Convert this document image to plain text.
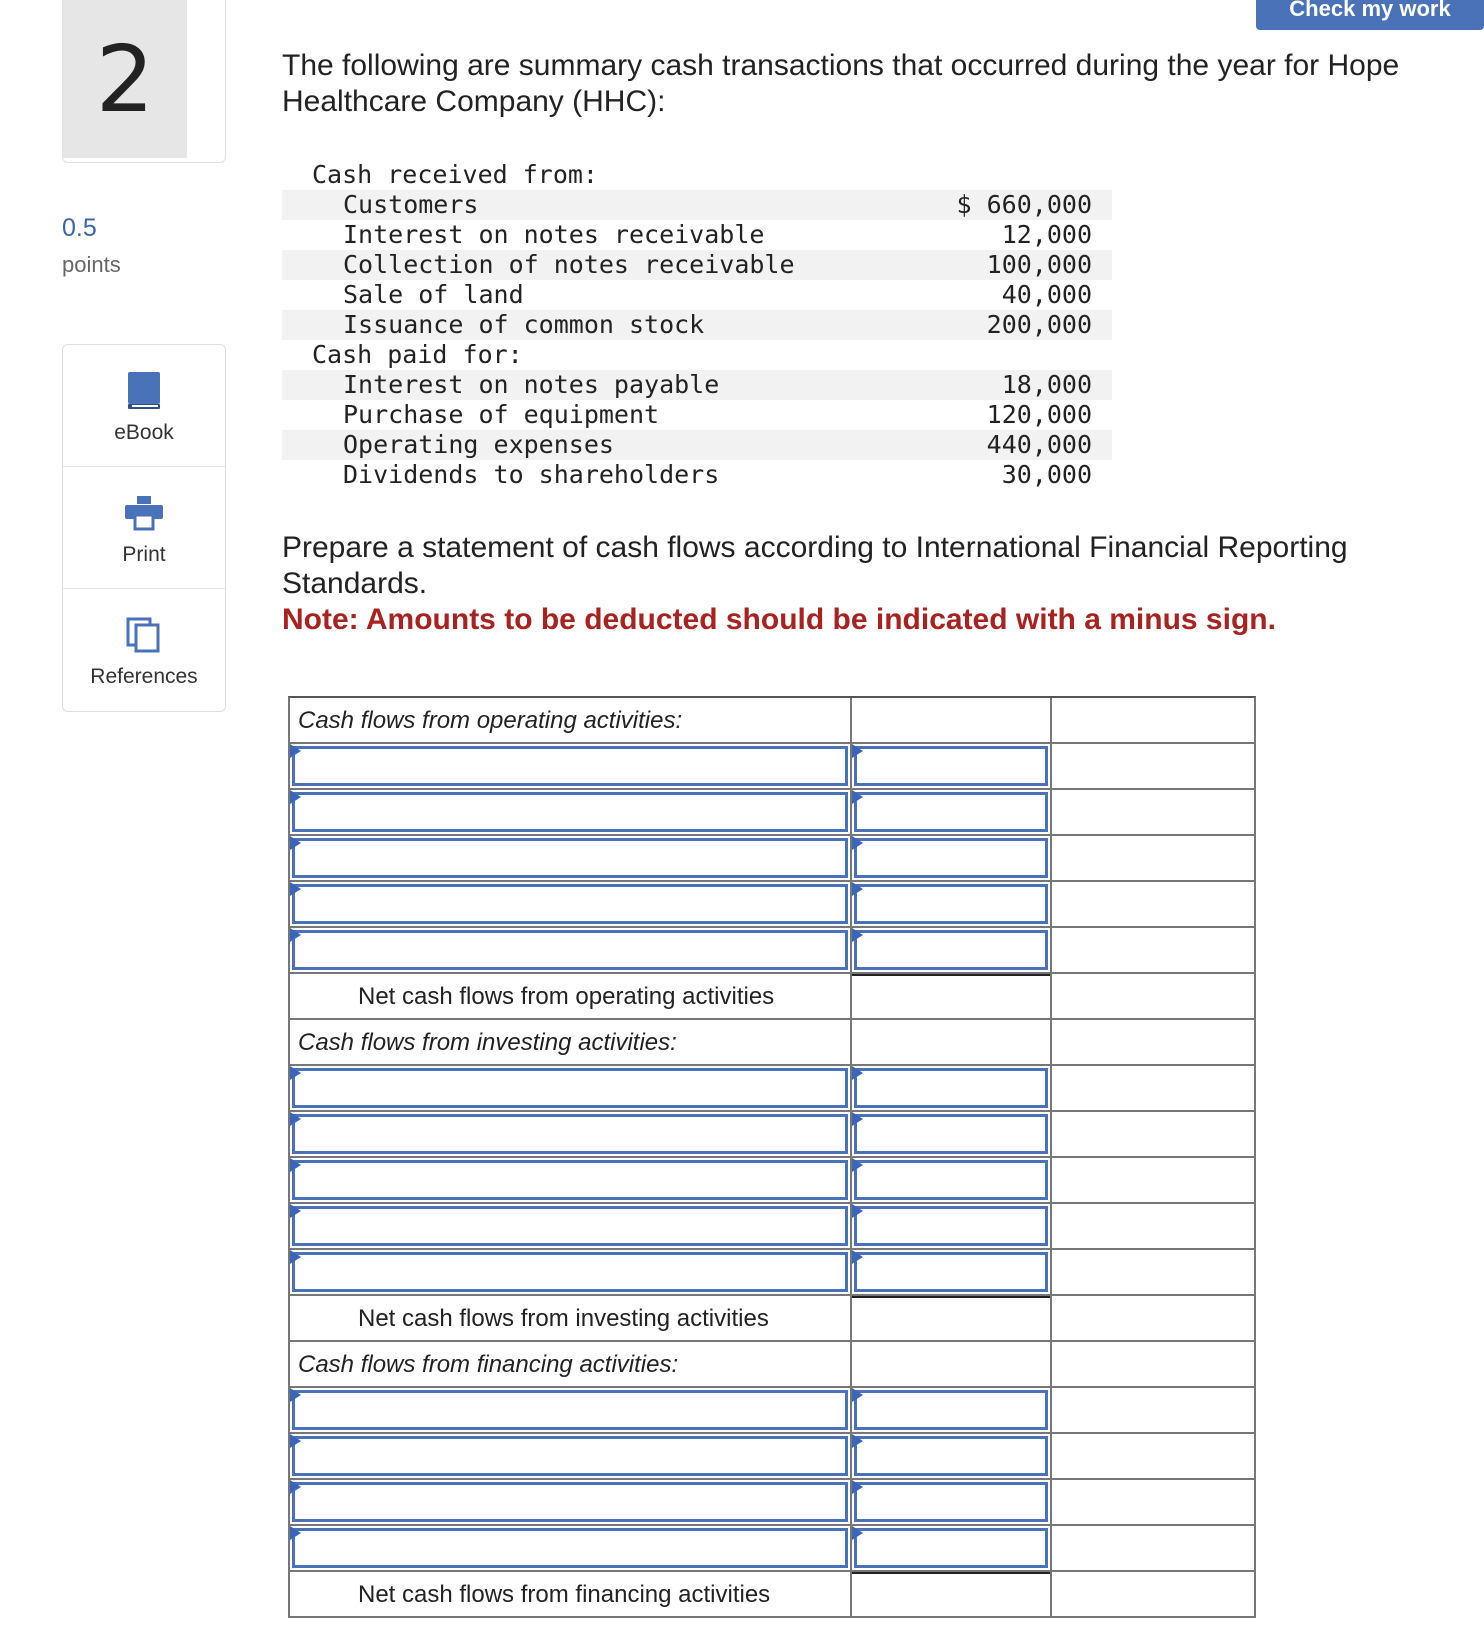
Check my work
2
0.5
points
eBook
Print
References
The following are summary cash transactions that occurred during the year for Hope Healthcare Company (HHC):
Cash received from:
Customers	$ 660,000
Interest on notes receivable	12,000
Collection of notes receivable	100,000
Sale of land	40,000
Issuance of common stock	200,000
Cash paid for:
Interest on notes payable	18,000
Purchase of equipment	120,000
Operating expenses	440,000
Dividends to shareholders	30,000
Prepare a statement of cash flows according to International Financial Reporting Standards.
Note: Amounts to be deducted should be indicated with a minus sign.
Cash flows from operating activities:
Net cash flows from operating activities
Cash flows from investing activities:
Net cash flows from investing activities
Cash flows from financing activities:
Net cash flows from financing activities
